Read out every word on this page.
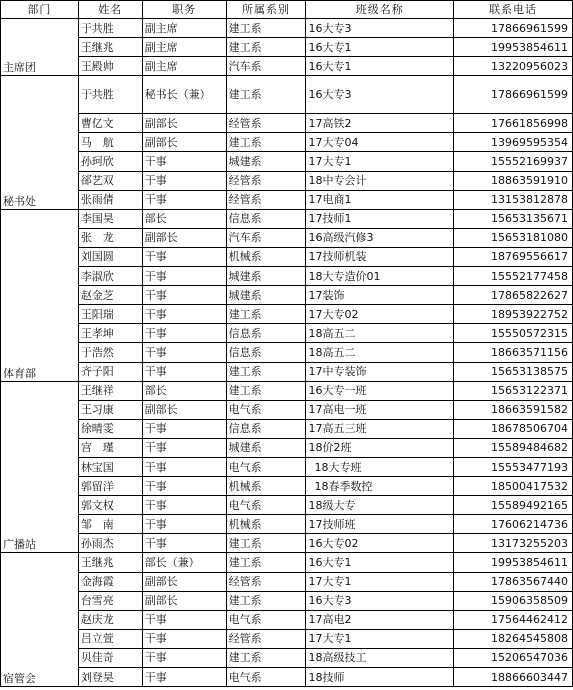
部门	姓名	职务	所属系别	班级名称	联系电话
主席团	于共胜	副主席	建工系	16大专3	17866961599
	王继兆	副主席	建工系	16大专1	19953854611
	王殿帅	副主席	汽车系	16大专1	13220956023
秘书处	于共胜	秘书长（兼）	建工系	16大专3	17866961599
	曹亿文	副部长	经管系	17高铁2	17661856998
	马　航	副部长	建工系	17大专04	13969595354
	孙珂欣	干事	城建系	17大专1	15552169937
	郤艺双	干事	经管系	18中专会计	18863591910
	张雨倩	干事	经管系	17电商1	13153812878
体育部	李国昊	部长	信息系	17技师1	15653135671
	张　龙	副部长	汽车系	16高级汽修3	15653181080
	刘国圆	干事	机械系	17技师机装	18769556617
	李淑欣	干事	城建系	18大专造价01	15552177458
	赵金芝	干事	城建系	17装饰	17865822627
	王阳瑞	干事	建工系	17大专02	18953922752
	王孝坤	干事	信息系	18高五二	15550572315
	于浩然	干事	信息系	18高五二	18663571156
	齐子阳	干事	建工系	17中专装饰	15653138575
广播站	王继祥	部长	建工系	16大专一班	15653122371
	王习康	副部长	电气系	17高电一班	18663591582
	徐晴雯	干事	信息系	17高五三班	18678506704
	宫　瑾	干事	城建系	18价2班	15589484682
	林宝国	干事	电气系	18大专班	15553477193
	郭留洋	干事	机械系	18春季数控	18500417532
	郭文权	干事	电气系	18级大专	15589492165
	邹　南	干事	机械系	17技师班	17606214736
	孙雨杰	干事	建工系	16大专02	13173255203
宿管会	王继兆	部长（兼）	建工系	16大专1	19953854611
	金海霞	副部长	经管系	17大专1	17863567440
	台雪亮	副部长	建工系	16大专3	15906358509
	赵庆龙	干事	电气系	17高电2	17564462412
	吕立萱	干事	经管系	17大专1	18264545808
	贝佳奇	干事	建工系	18高级技工	15206547036
	刘登昊	干事	电气系	18技师	18866603447
